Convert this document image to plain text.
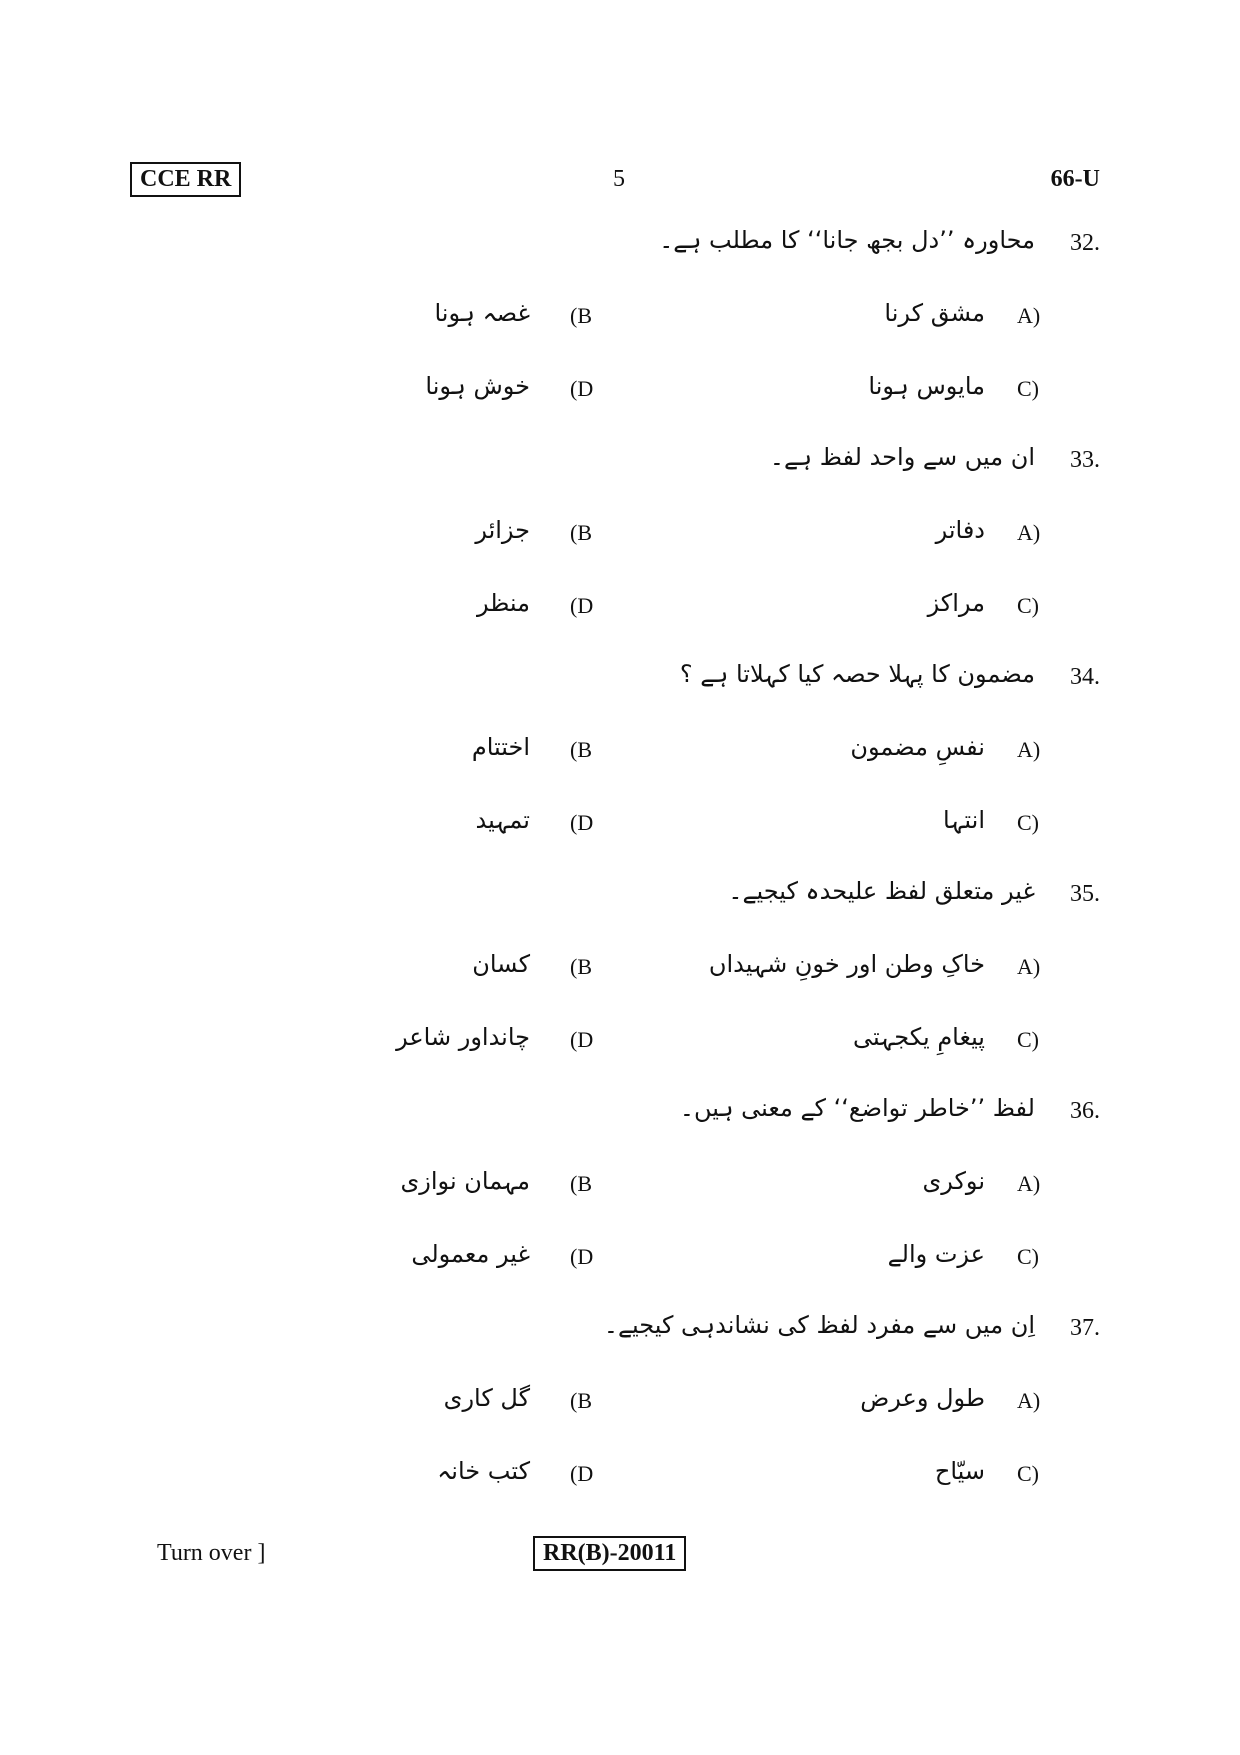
CCE RR	5	66-U
32.
محاورہ ’’دل بجھ جانا‘‘ کا مطلب ہے۔
A)
مشق کرنا
(B
غصہ ہونا
C)
مایوس ہونا
(D
خوش ہونا
33.
ان میں سے واحد لفظ ہے۔
A)
دفاتر
(B
جزائر
C)
مراکز
(D
منظر
34.
مضمون کا پہلا حصہ کیا کہلاتا ہے ؟
A)
نفسِ مضمون
(B
اختتام
C)
انتہا
(D
تمہید
35.
غیر متعلق لفظ علیحدہ کیجیے۔
A)
خاکِ وطن اور خونِ شہیداں
(B
کسان
C)
پیغامِ یکجہتی
(D
چانداور شاعر
36.
لفظ ’’خاطر تواضع‘‘ کے معنی ہیں۔
A)
نوکری
(B
مہمان نوازی
C)
عزت والے
(D
غیر معمولی
37.
اِن میں سے مفرد لفظ کی نشاندہی کیجیے۔
A)
طول وعرض
(B
گل کاری
C)
سیّاح
(D
کتب خانہ
Turn over ]	RR(B)-20011
